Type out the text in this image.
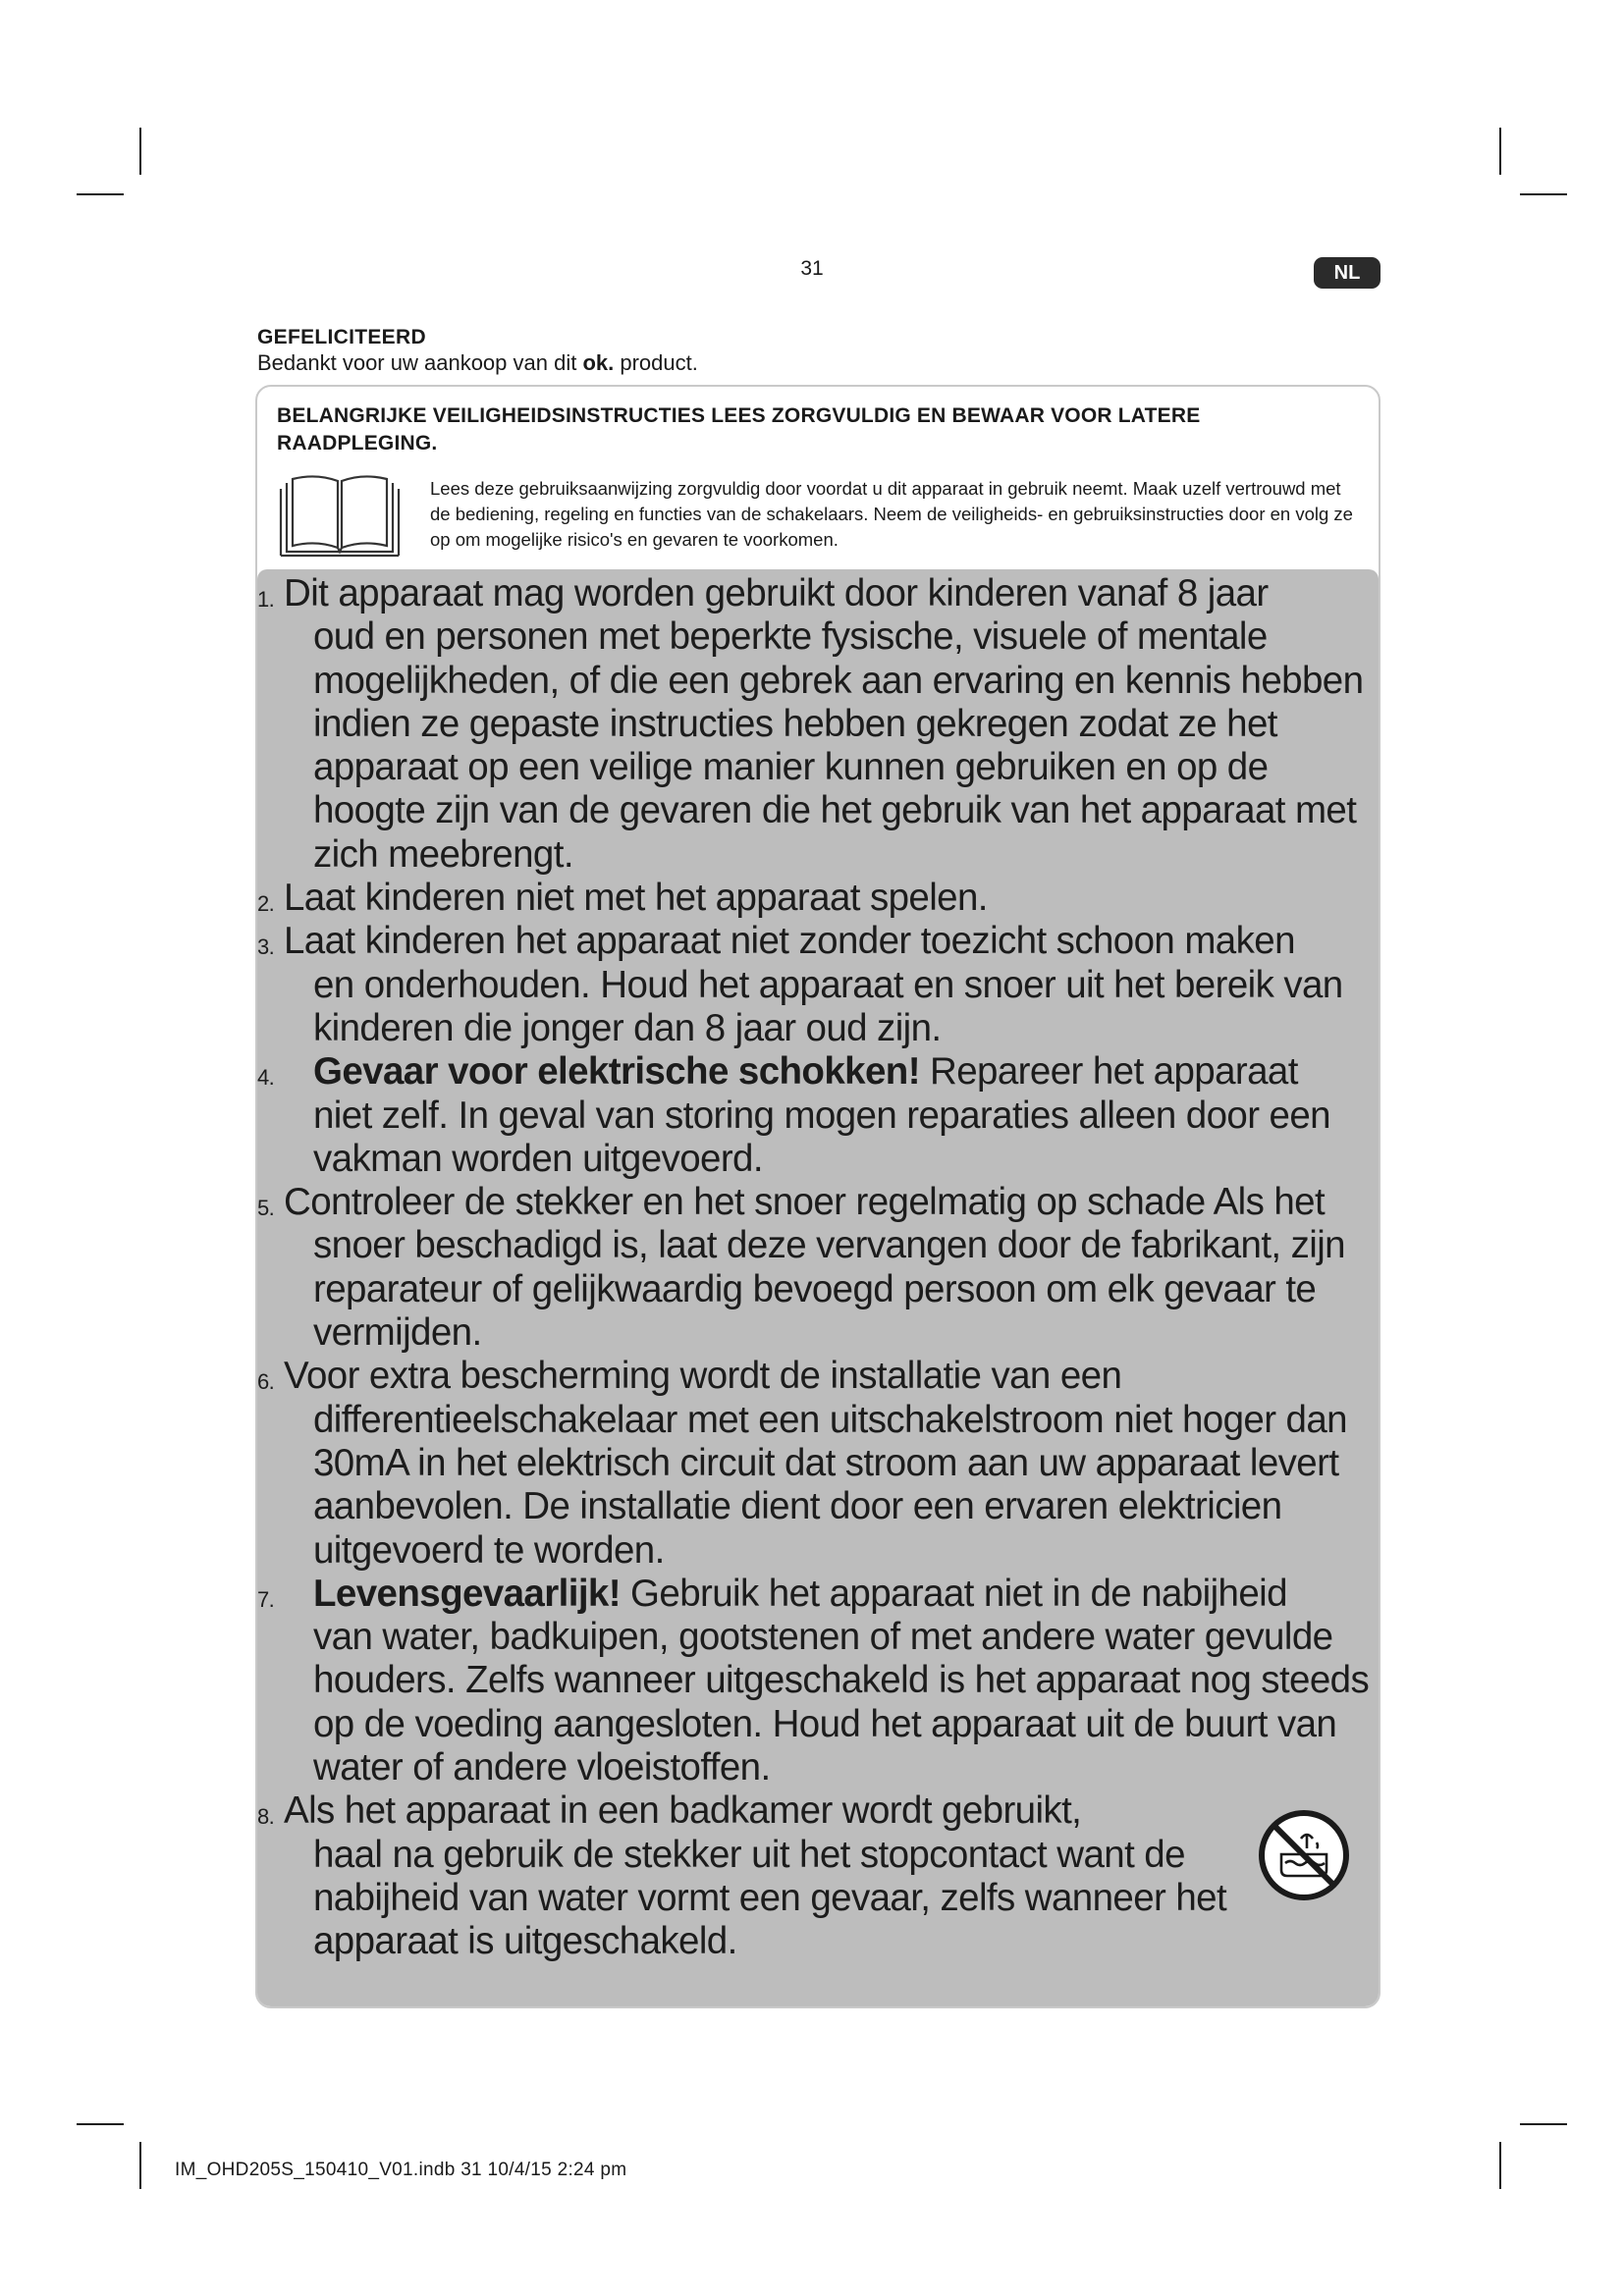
31	NL
GEFELICITEERD
Bedankt voor uw aankoop van dit ok. product.
BELANGRIJKE VEILIGHEIDSINSTRUCTIES LEES ZORGVULDIG EN BEWAAR VOOR LATERE RAADPLEGING.
Lees deze gebruiksaanwijzing zorgvuldig door voordat u dit apparaat in gebruik neemt. Maak uzelf vertrouwd met de bediening, regeling en functies van de schakelaars. Neem de veiligheids- en gebruiksinstructies door en volg ze op om mogelijke risico's en gevaren te voorkomen.
1. Dit apparaat mag worden gebruikt door kinderen vanaf 8 jaar
oud en personen met beperkte fysische, visuele of mentale mogelijkheden, of die een gebrek aan ervaring en kennis hebben indien ze gepaste instructies hebben gekregen zodat ze het apparaat op een veilige manier kunnen gebruiken en op de hoogte zijn van de gevaren die het gebruik van het apparaat met zich meebrengt.
2. Laat kinderen niet met het apparaat spelen.
3. Laat kinderen het apparaat niet zonder toezicht schoon maken
en onderhouden. Houd het apparaat en snoer uit het bereik van kinderen die jonger dan 8 jaar oud zijn.
4.	Gevaar voor elektrische schokken! Repareer het apparaat
niet zelf. In geval van storing mogen reparaties alleen door een vakman worden uitgevoerd.
5. Controleer de stekker en het snoer regelmatig op schade Als het
snoer beschadigd is, laat deze vervangen door de fabrikant, zijn reparateur of gelijkwaardig bevoegd persoon om elk gevaar te vermijden.
6. Voor extra bescherming wordt de installatie van een
differentieelschakelaar met een uitschakelstroom niet hoger dan 30mA in het elektrisch circuit dat stroom aan uw apparaat levert aanbevolen. De installatie dient door een ervaren elektricien uitgevoerd te worden.
7.	Levensgevaarlijk! Gebruik het apparaat niet in de nabijheid
van water, badkuipen, gootstenen of met andere water gevulde houders. Zelfs wanneer uitgeschakeld is het apparaat nog steeds op de voeding aangesloten. Houd het apparaat uit de buurt van water of andere vloeistoffen.
8. Als het apparaat in een badkamer wordt gebruikt,
haal na gebruik de stekker uit het stopcontact want de nabijheid van water vormt een gevaar, zelfs wanneer het apparaat is uitgeschakeld.
IM_OHD205S_150410_V01.indb 31 10/4/15 2:24 pm
